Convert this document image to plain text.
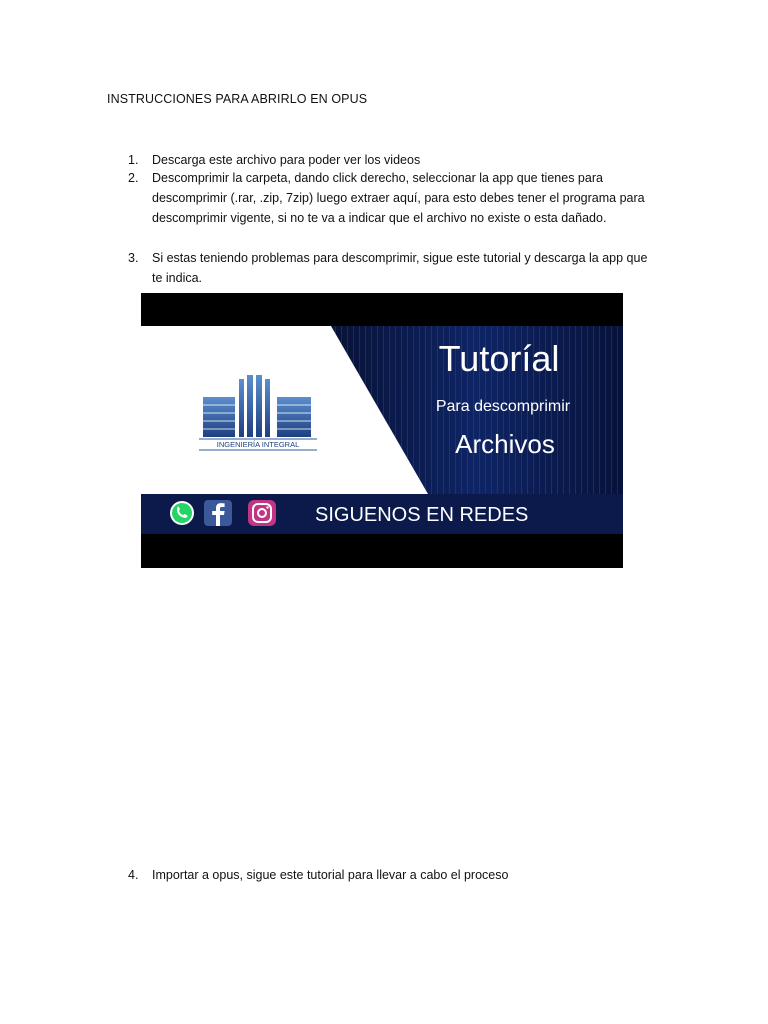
INSTRUCCIONES PARA ABRIRLO EN OPUS
1.	Descarga este archivo para poder ver los videos
2.	Descomprimir la carpeta, dando click derecho, seleccionar la app que tienes para descomprimir (.rar, .zip, 7zip) luego extraer aquí, para esto debes tener el programa para descomprimir vigente, si no te va a indicar que el archivo no existe o esta dañado.
3.	Si estas teniendo problemas para descomprimir, sigue este tutorial y descarga la app que te indica.
INGENIERÍA INTEGRAL
Tutoríal
Para descomprimir
Archivos
SIGUENOS EN REDES
4.	Importar a opus, sigue este tutorial para llevar a cabo el proceso
